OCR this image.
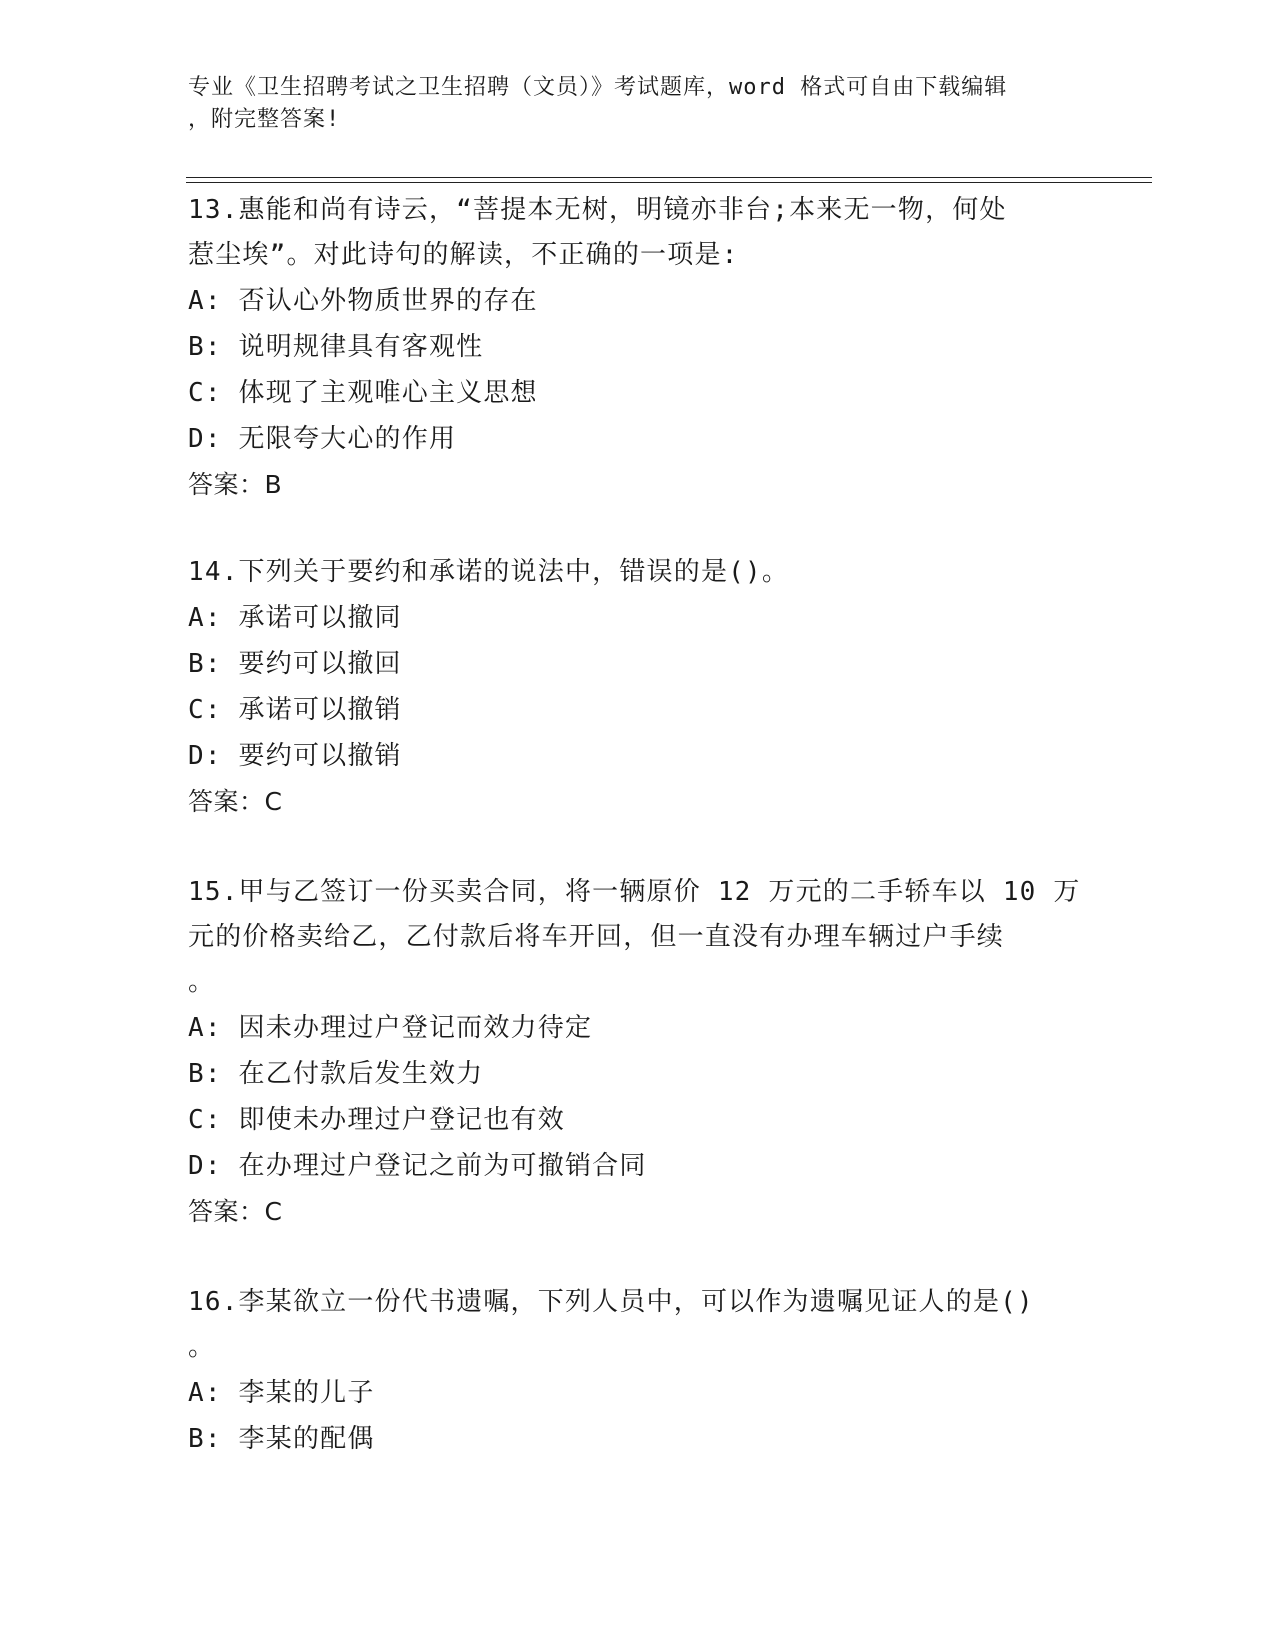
专业《卫生招聘考试之卫生招聘（文员）》考试题库，word 格式可自由下载编辑
，附完整答案!
13.惠能和尚有诗云，“菩提本无树，明镜亦非台;本来无一物，何处
惹尘埃”。对此诗句的解读，不正确的一项是:
A: 否认心外物质世界的存在
B: 说明规律具有客观性
C: 体现了主观唯心主义思想
D: 无限夸大心的作用
答案：B
14.下列关于要约和承诺的说法中，错误的是()。
A: 承诺可以撤同
B: 要约可以撤回
C: 承诺可以撤销
D: 要约可以撤销
答案：C
15.甲与乙签订一份买卖合同，将一辆原价 12 万元的二手轿车以 10 万
元的价格卖给乙，乙付款后将车开回，但一直没有办理车辆过户手续
。
A: 因未办理过户登记而效力待定
B: 在乙付款后发生效力
C: 即使未办理过户登记也有效
D: 在办理过户登记之前为可撤销合同
答案：C
16.李某欲立一份代书遗嘱，下列人员中，可以作为遗嘱见证人的是()
。
A: 李某的儿子
B: 李某的配偶
